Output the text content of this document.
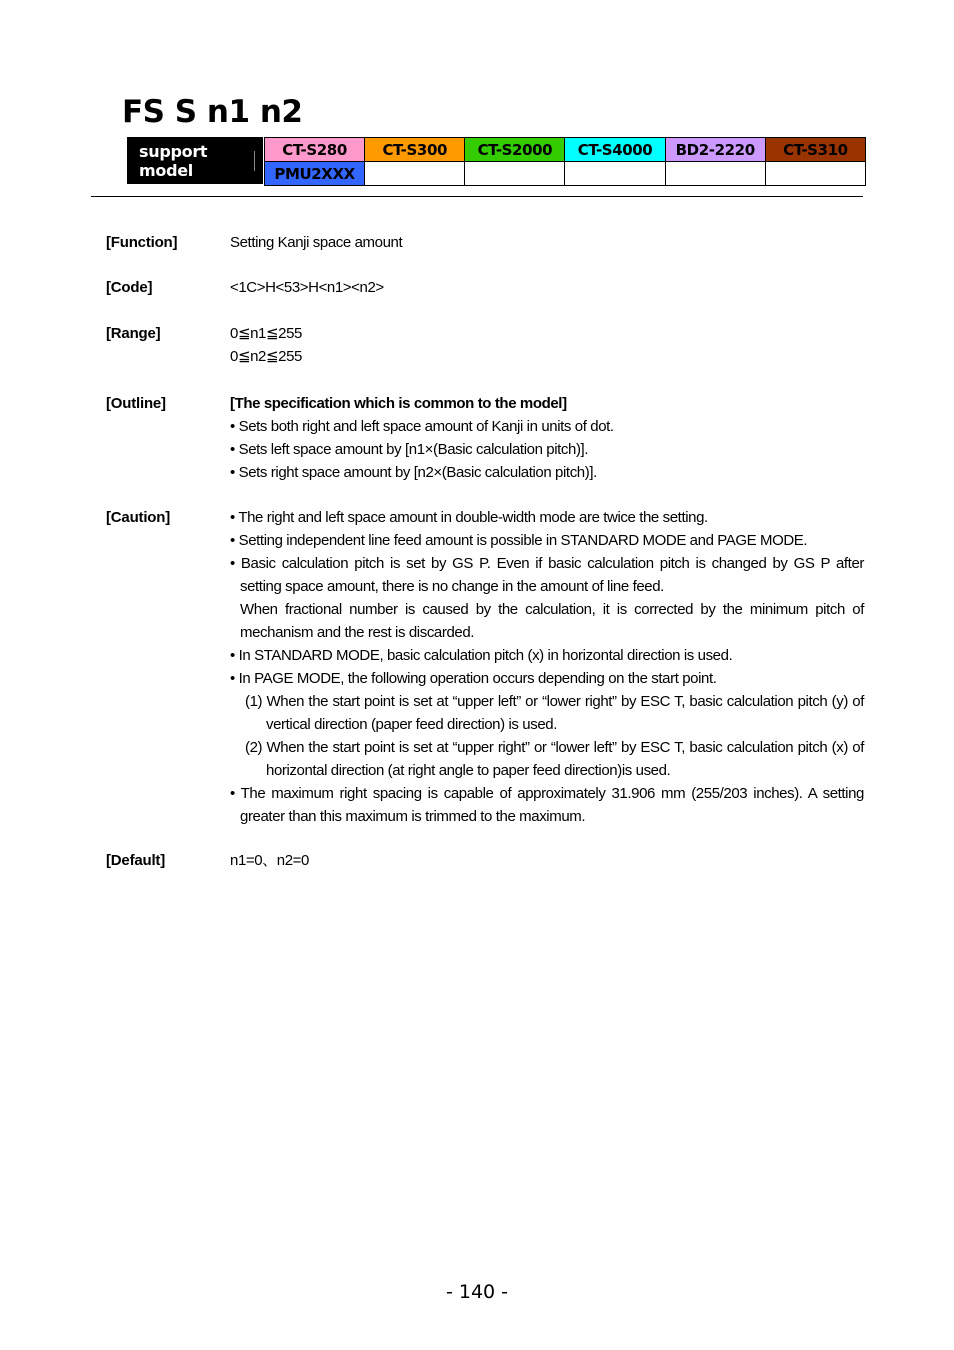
FS S n1 n2
support model
CT-S280	CT-S300	CT-S2000	CT-S4000	BD2-2220	CT-S310
PMU2XXX					
[Function]	Setting Kanji space amount
[Code]	<1C>H<53>H<n1><n2>
[Range]	0≦n1≦255

0≦n2≦255

[Outline]	[The specification which is common to the model]

• Sets both right and left space amount of Kanji in units of dot.

• Sets left space amount by [n1×(Basic calculation pitch)].

• Sets right space amount by [n2×(Basic calculation pitch)].

[Caution]	• The right and left space amount in double-width mode are twice the setting.

• Setting independent line feed amount is possible in STANDARD MODE and PAGE MODE.

• Basic calculation pitch is set by GS P. Even if basic calculation pitch is changed by GS P after setting space amount, there is no change in the amount of line feed.

When fractional number is caused by the calculation, it is corrected by the minimum pitch of mechanism and the rest is discarded.

• In STANDARD MODE, basic calculation pitch (x) in horizontal direction is used.

• In PAGE MODE, the following operation occurs depending on the start point.

(1) When the start point is set at “upper left” or “lower right” by ESC T, basic calculation pitch (y) of vertical direction (paper feed direction) is used.

(2) When the start point is set at “upper right” or “lower left” by ESC T, basic calculation pitch (x) of horizontal direction (at right angle to paper feed direction)is used.

• The maximum right spacing is capable of approximately 31.906 mm (255/203 inches). A setting greater than this maximum is trimmed to the maximum.

[Default]	n1=0、n2=0
- 140 -
